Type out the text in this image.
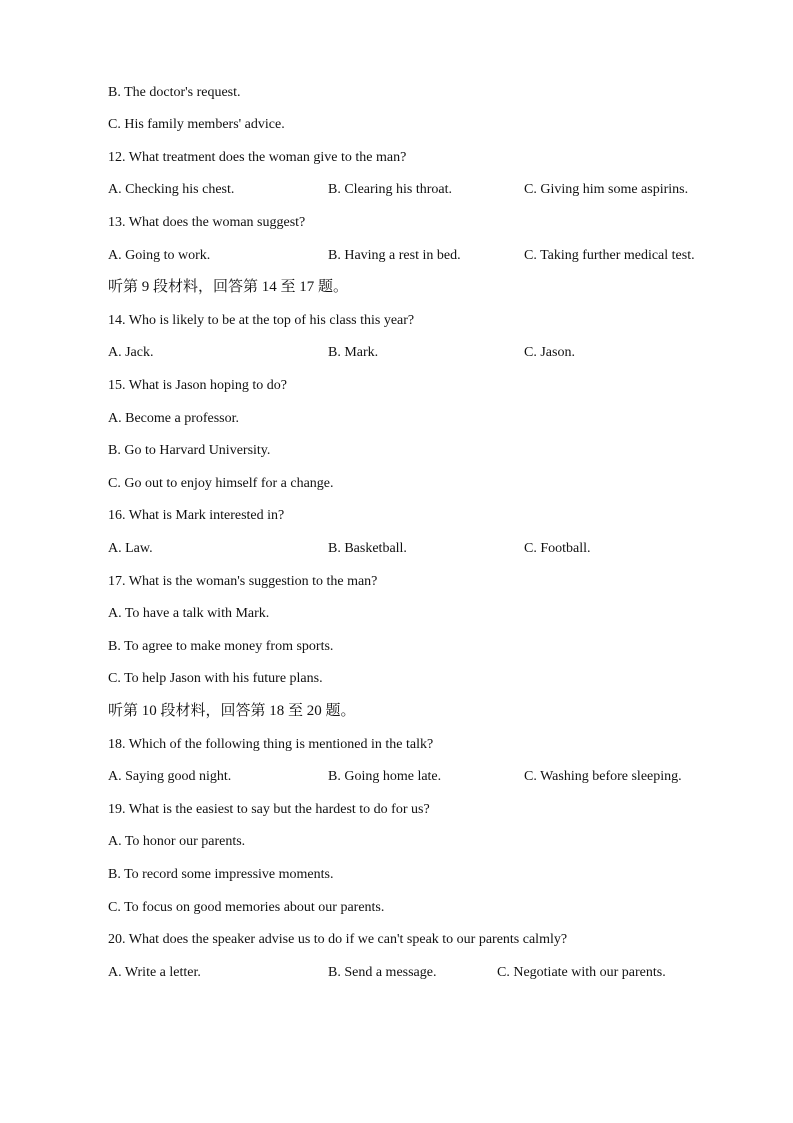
B. The doctor's request.
C. His family members' advice.
12. What treatment does the woman give to the man?
A. Checking his chest.	B. Clearing his throat.	C. Giving him some aspirins.
13. What does the woman suggest?
A. Going to work.	B. Having a rest in bed.	C. Taking further medical test.
听第 9 段材料，回答第 14 至 17 题。
14. Who is likely to be at the top of his class this year?
A. Jack.	B. Mark.	C. Jason.
15. What is Jason hoping to do?
A. Become a professor.
B. Go to Harvard University.
C. Go out to enjoy himself for a change.
16. What is Mark interested in?
A. Law.	B. Basketball.	C. Football.
17. What is the woman's suggestion to the man?
A. To have a talk with Mark.
B. To agree to make money from sports.
C. To help Jason with his future plans.
听第 10 段材料，回答第 18 至 20 题。
18. Which of the following thing is mentioned in the talk?
A. Saying good night.	B. Going home late.	C. Washing before sleeping.
19. What is the easiest to say but the hardest to do for us?
A. To honor our parents.
B. To record some impressive moments.
C. To focus on good memories about our parents.
20. What does the speaker advise us to do if we can't speak to our parents calmly?
A. Write a letter.	B. Send a message.	C. Negotiate with our parents.
